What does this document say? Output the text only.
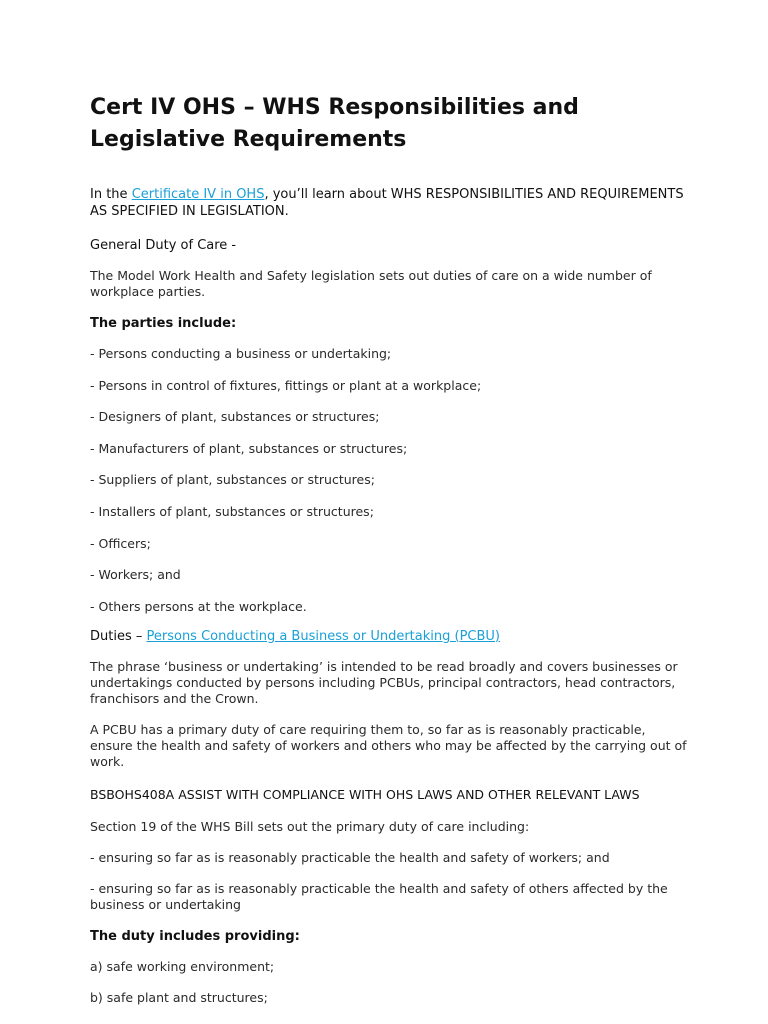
Cert IV OHS – WHS Responsibilities and Legislative Requirements

In the Certificate IV in OHS, you’ll learn about WHS RESPONSIBILITIES AND REQUIREMENTS AS SPECIFIED IN LEGISLATION.

General Duty of Care -

The Model Work Health and Safety legislation sets out duties of care on a wide number of workplace parties.

The parties include:

- Persons conducting a business or undertaking;

- Persons in control of fixtures, fittings or plant at a workplace;

- Designers of plant, substances or structures;

- Manufacturers of plant, substances or structures;

- Suppliers of plant, substances or structures;

- Installers of plant, substances or structures;

- Officers;

- Workers; and

- Others persons at the workplace.

Duties – Persons Conducting a Business or Undertaking (PCBU)

The phrase ‘business or undertaking’ is intended to be read broadly and covers businesses or undertakings conducted by persons including PCBUs, principal contractors, head contractors, franchisors and the Crown.

A PCBU has a primary duty of care requiring them to, so far as is reasonably practicable, ensure the health and safety of workers and others who may be affected by the carrying out of work.

BSBOHS408A ASSIST WITH COMPLIANCE WITH OHS LAWS AND OTHER RELEVANT LAWS

Section 19 of the WHS Bill sets out the primary duty of care including:

- ensuring so far as is reasonably practicable the health and safety of workers; and

- ensuring so far as is reasonably practicable the health and safety of others affected by the business or undertaking

The duty includes providing:

a) safe working environment;

b) safe plant and structures;
